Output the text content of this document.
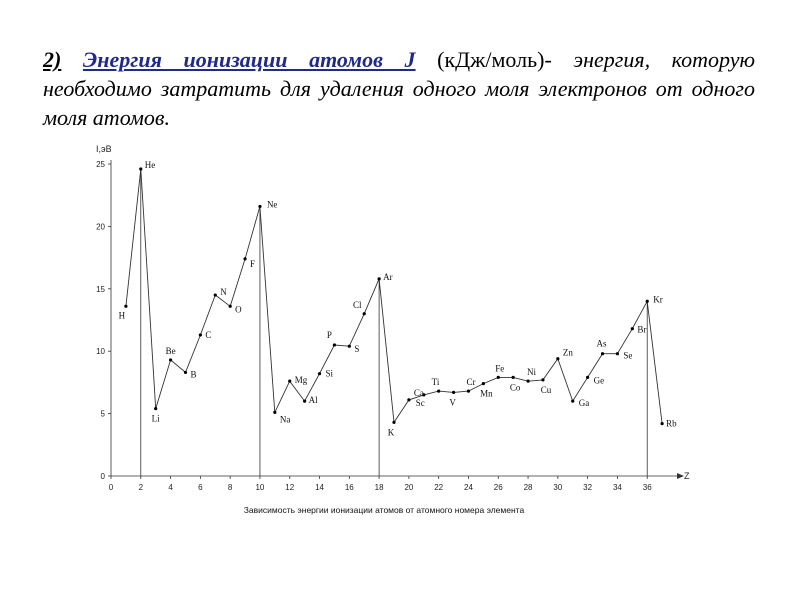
2) Энергия ионизации атомов J (кДж/моль)- энергия, которую необходимо затратить для удаления одного моля электронов от одного моля атомов.
0
5
10
15
20
25
0	2	4	6	8	10	12	14	16	18	20	22	24	26	28	30	32	34	36
H
He
Li
Be
B
C
N
O
F
Ne
Na
Mg
Al
Si
P
S
Cl
Ar
K
Ca
Sc
Ti
V
Cr
Mn
Fe
Co
Ni
Cu
Zn
Ga
Ge
As
Se
Br
Kr
Rb
I,эВ
Z
Зависимость энергии ионизации атомов от атомного номера элемента
